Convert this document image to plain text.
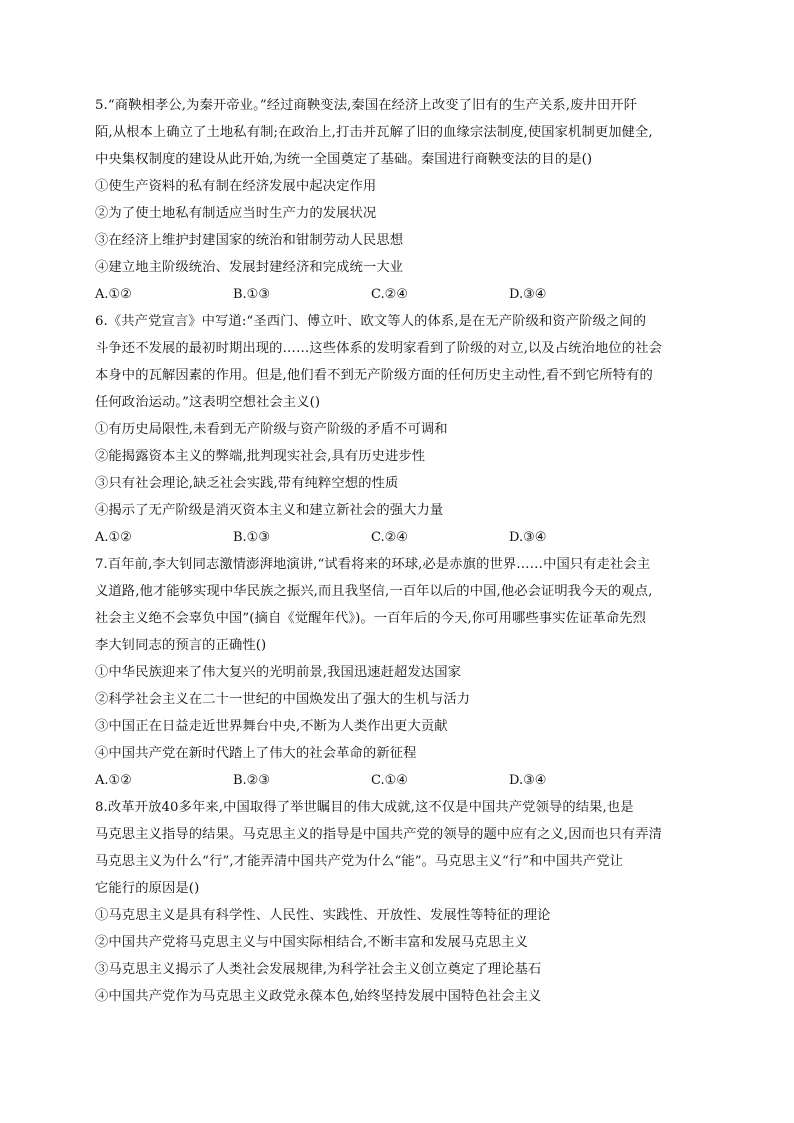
5.“商鞅相孝公,为秦开帝业。”经过商鞅变法,秦国在经济上改变了旧有的生产关系,废井田开阡
陌,从根本上确立了土地私有制;在政治上,打击并瓦解了旧的血缘宗法制度,使国家机制更加健全,
中央集权制度的建设从此开始,为统一全国奠定了基础。秦国进行商鞅变法的目的是()
①使生产资料的私有制在经济发展中起决定作用
②为了使土地私有制适应当时生产力的发展状况
③在经济上维护封建国家的统治和钳制劳动人民思想
④建立地主阶级统治、发展封建经济和完成统一大业
A.①②	B.①③	C.②④	D.③④
6.《共产党宣言》中写道:“圣西门、傅立叶、欧文等人的体系,是在无产阶级和资产阶级之间的
斗争还不发展的最初时期出现的……这些体系的发明家看到了阶级的对立,以及占统治地位的社会
本身中的瓦解因素的作用。但是,他们看不到无产阶级方面的任何历史主动性,看不到它所特有的
任何政治运动。”这表明空想社会主义()
①有历史局限性,未看到无产阶级与资产阶级的矛盾不可调和
②能揭露资本主义的弊端,批判现实社会,具有历史进步性
③只有社会理论,缺乏社会实践,带有纯粹空想的性质
④揭示了无产阶级是消灭资本主义和建立新社会的强大力量
A.①②	B.①③	C.②④	D.③④
7.百年前,李大钊同志激情澎湃地演讲,“试看将来的环球,必是赤旗的世界……中国只有走社会主
义道路,他才能够实现中华民族之振兴,而且我坚信,一百年以后的中国,他必会证明我今天的观点,
社会主义绝不会辜负中国”(摘自《觉醒年代》)。一百年后的今天,你可用哪些事实佐证革命先烈
李大钊同志的预言的正确性()
①中华民族迎来了伟大复兴的光明前景,我国迅速赶超发达国家
②科学社会主义在二十一世纪的中国焕发出了强大的生机与活力
③中国正在日益走近世界舞台中央,不断为人类作出更大贡献
④中国共产党在新时代踏上了伟大的社会革命的新征程
A.①②	B.②③	C.①④	D.③④
8.改革开放40多年来,中国取得了举世瞩目的伟大成就,这不仅是中国共产党领导的结果,也是
马克思主义指导的结果。马克思主义的指导是中国共产党的领导的题中应有之义,因而也只有弄清
马克思主义为什么“行”,才能弄清中国共产党为什么“能”。马克思主义“行”和中国共产党让
它能行的原因是()
①马克思主义是具有科学性、人民性、实践性、开放性、发展性等特征的理论
②中国共产党将马克思主义与中国实际相结合,不断丰富和发展马克思主义
③马克思主义揭示了人类社会发展规律,为科学社会主义创立奠定了理论基石
④中国共产党作为马克思主义政党永葆本色,始终坚持发展中国特色社会主义
